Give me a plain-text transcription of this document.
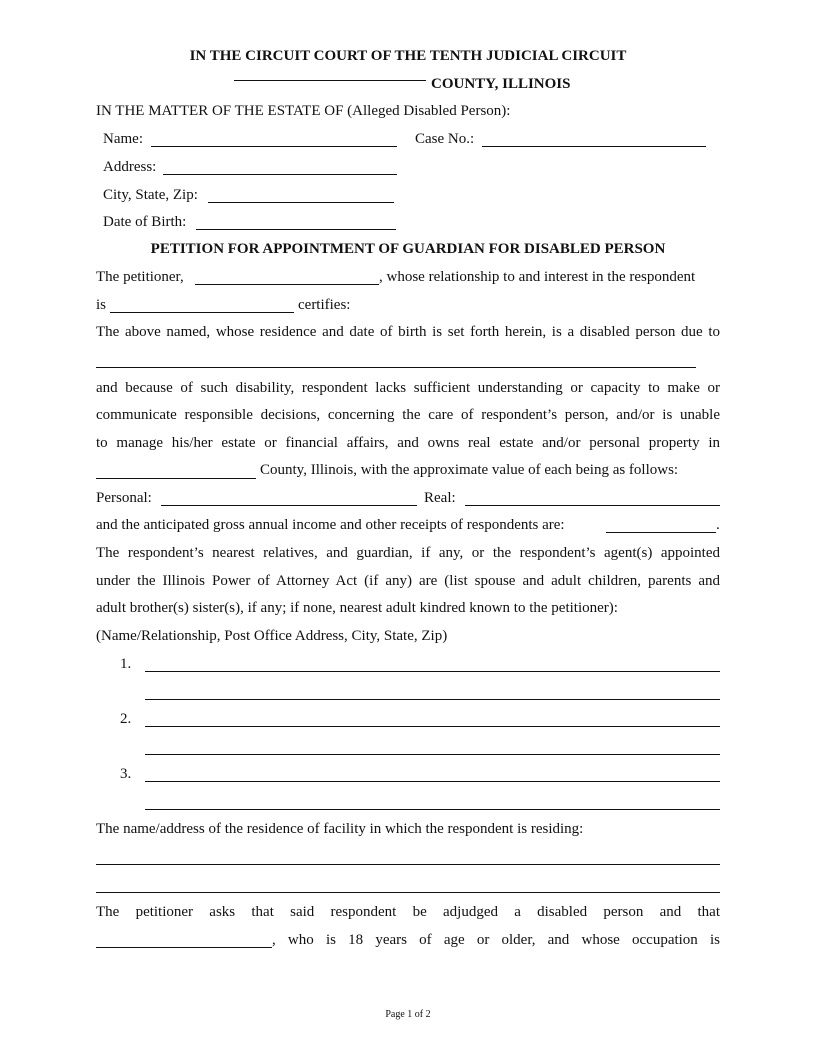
IN THE CIRCUIT COURT OF THE TENTH JUDICIAL CIRCUIT
COUNTY, ILLINOIS
IN THE MATTER OF THE ESTATE OF (Alleged Disabled Person):
Name:	Case No.:
Address:
City, State, Zip:
Date of Birth:
PETITION FOR APPOINTMENT OF GUARDIAN FOR DISABLED PERSON
The petitioner,	, whose relationship to and interest in the respondent
is	certifies:
The above named, whose residence and date of birth is set forth herein, is a disabled person due to
and because of such disability, respondent lacks sufficient understanding or capacity to make or
communicate responsible decisions, concerning the care of respondent’s person, and/or is unable
to manage his/her estate or financial affairs, and owns real estate and/or personal property in
County, Illinois, with the approximate value of each being as follows:
Personal:	Real:
and the anticipated gross annual income and other receipts of respondents are:	.
The respondent’s nearest relatives, and guardian, if any, or the respondent’s agent(s) appointed
under the Illinois Power of Attorney Act (if any) are (list spouse and adult children, parents and
adult brother(s) sister(s), if any; if none, nearest adult kindred known to the petitioner):
(Name/Relationship, Post Office Address, City, State, Zip)
1.
2.
3.
The name/address of the residence of facility in which the respondent is residing:
The petitioner asks that said respondent be adjudged a disabled person and that
, who is 18 years of age or older, and whose occupation is
Page 1 of 2
